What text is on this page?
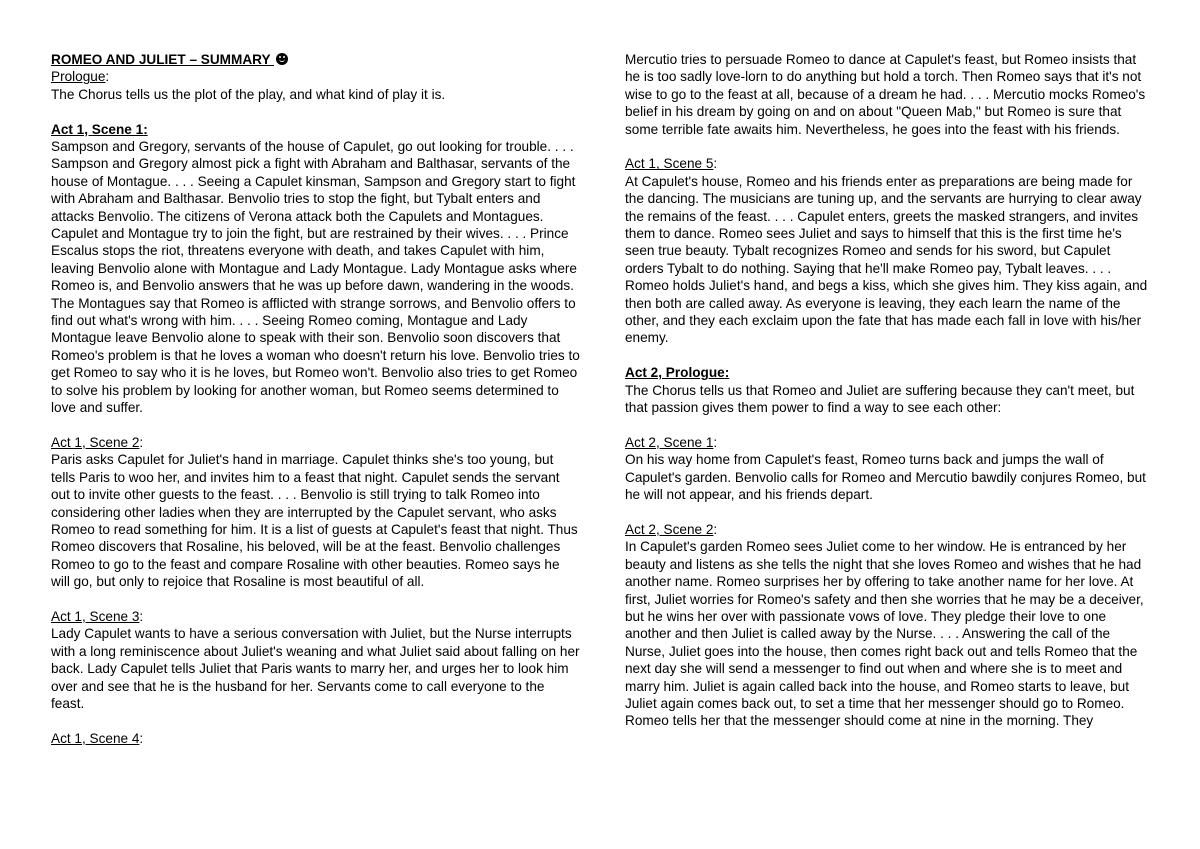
ROMEO AND JULIET – SUMMARY
Prologue:
The Chorus tells us the plot of the play, and what kind of play it is.
Act 1, Scene 1:
Sampson and Gregory, servants of the house of Capulet, go out looking for trouble. . . . Sampson and Gregory almost pick a fight with Abraham and Balthasar, servants of the house of Montague. . . . Seeing a Capulet kinsman, Sampson and Gregory start to fight with Abraham and Balthasar. Benvolio tries to stop the fight, but Tybalt enters and attacks Benvolio. The citizens of Verona attack both the Capulets and Montagues. Capulet and Montague try to join the fight, but are restrained by their wives. . . . Prince Escalus stops the riot, threatens everyone with death, and takes Capulet with him, leaving Benvolio alone with Montague and Lady Montague. Lady Montague asks where Romeo is, and Benvolio answers that he was up before dawn, wandering in the woods. The Montagues say that Romeo is afflicted with strange sorrows, and Benvolio offers to find out what's wrong with him. . . . Seeing Romeo coming, Montague and Lady Montague leave Benvolio alone to speak with their son. Benvolio soon discovers that Romeo's problem is that he loves a woman who doesn't return his love. Benvolio tries to get Romeo to say who it is he loves, but Romeo won't. Benvolio also tries to get Romeo to solve his problem by looking for another woman, but Romeo seems determined to love and suffer.
Act 1, Scene 2:
Paris asks Capulet for Juliet's hand in marriage. Capulet thinks she's too young, but tells Paris to woo her, and invites him to a feast that night. Capulet sends the servant out to invite other guests to the feast. . . . Benvolio is still trying to talk Romeo into considering other ladies when they are interrupted by the Capulet servant, who asks Romeo to read something for him. It is a list of guests at Capulet's feast that night. Thus Romeo discovers that Rosaline, his beloved, will be at the feast. Benvolio challenges Romeo to go to the feast and compare Rosaline with other beauties. Romeo says he will go, but only to rejoice that Rosaline is most beautiful of all.
Act 1, Scene 3:
Lady Capulet wants to have a serious conversation with Juliet, but the Nurse interrupts with a long reminiscence about Juliet's weaning and what Juliet said about falling on her back. Lady Capulet tells Juliet that Paris wants to marry her, and urges her to look him over and see that he is the husband for her. Servants come to call everyone to the feast.
Act 1, Scene 4:
Mercutio tries to persuade Romeo to dance at Capulet's feast, but Romeo insists that he is too sadly love-lorn to do anything but hold a torch. Then Romeo says that it's not wise to go to the feast at all, because of a dream he had. . . . Mercutio mocks Romeo's belief in his dream by going on and on about "Queen Mab," but Romeo is sure that some terrible fate awaits him. Nevertheless, he goes into the feast with his friends.
Act 1, Scene 5:
At Capulet's house, Romeo and his friends enter as preparations are being made for the dancing. The musicians are tuning up, and the servants are hurrying to clear away the remains of the feast. . . . Capulet enters, greets the masked strangers, and invites them to dance. Romeo sees Juliet and says to himself that this is the first time he's seen true beauty. Tybalt recognizes Romeo and sends for his sword, but Capulet orders Tybalt to do nothing. Saying that he'll make Romeo pay, Tybalt leaves. . . . Romeo holds Juliet's hand, and begs a kiss, which she gives him. They kiss again, and then both are called away. As everyone is leaving, they each learn the name of the other, and they each exclaim upon the fate that has made each fall in love with his/her enemy.
Act 2, Prologue:
The Chorus tells us that Romeo and Juliet are suffering because they can't meet, but that passion gives them power to find a way to see each other:
Act 2, Scene 1:
On his way home from Capulet's feast, Romeo turns back and jumps the wall of Capulet's garden. Benvolio calls for Romeo and Mercutio bawdily conjures Romeo, but he will not appear, and his friends depart.
Act 2, Scene 2:
In Capulet's garden Romeo sees Juliet come to her window. He is entranced by her beauty and listens as she tells the night that she loves Romeo and wishes that he had another name. Romeo surprises her by offering to take another name for her love. At first, Juliet worries for Romeo's safety and then she worries that he may be a deceiver, but he wins her over with passionate vows of love. They pledge their love to one another and then Juliet is called away by the Nurse. . . . Answering the call of the Nurse, Juliet goes into the house, then comes right back out and tells Romeo that the next day she will send a messenger to find out when and where she is to meet and marry him. Juliet is again called back into the house, and Romeo starts to leave, but Juliet again comes back out, to set a time that her messenger should go to Romeo. Romeo tells her that the messenger should come at nine in the morning. They
